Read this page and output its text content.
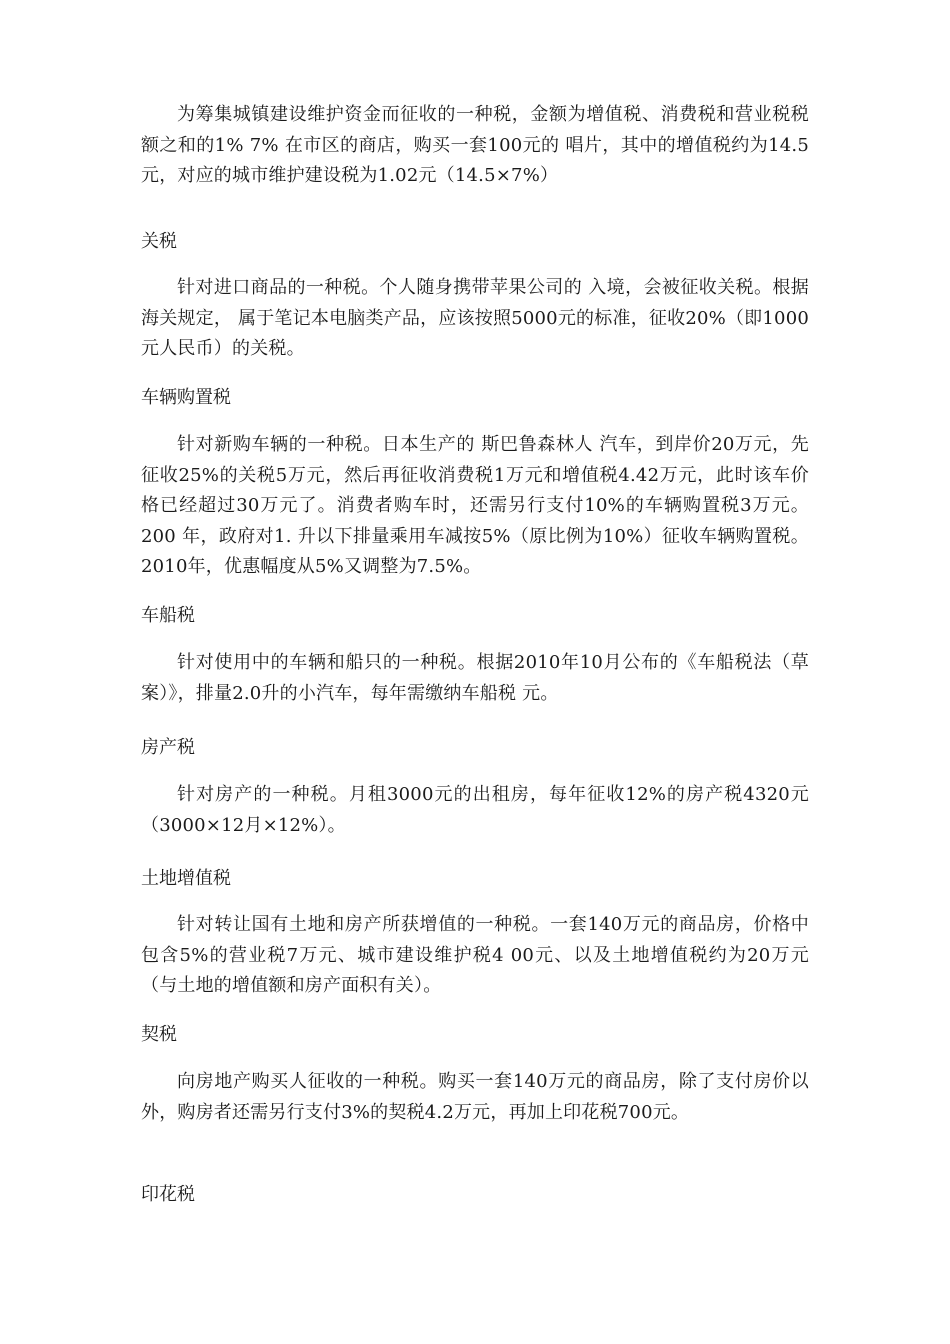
为筹集城镇建设维护资金而征收的一种税，金额为增值税、消费税和营业税税额之和的1% 7% 在市区的商店，购买一套100元的 唱片，其中的增值税约为14.5元，对应的城市维护建设税为1.02元（14.5×7%）

关税

针对进口商品的一种税。个人随身携带苹果公司的 入境，会被征收关税。根据海关规定， 属于笔记本电脑类产品，应该按照5000元的标准，征收20%（即1000元人民币）的关税。

车辆购置税

针对新购车辆的一种税。日本生产的 斯巴鲁森林人 汽车，到岸价20万元，先征收25%的关税5万元，然后再征收消费税1万元和增值税4.42万元，此时该车价格已经超过30万元了。消费者购车时，还需另行支付10%的车辆购置税3万元。200 年，政府对1. 升以下排量乘用车减按5%（原比例为10%）征收车辆购置税。2010年，优惠幅度从5%又调整为7.5%。

车船税

针对使用中的车辆和船只的一种税。根据2010年10月公布的《车船税法（草案）》，排量2.0升的小汽车，每年需缴纳车船税 元。

房产税

针对房产的一种税。月租3000元的出租房，每年征收12%的房产税4320元（3000×12月×12%）。

土地增值税

针对转让国有土地和房产所获增值的一种税。一套140万元的商品房，价格中包含5%的营业税7万元、城市建设维护税4 00元、以及土地增值税约为20万元（与土地的增值额和房产面积有关）。

契税

向房地产购买人征收的一种税。购买一套140万元的商品房，除了支付房价以外，购房者还需另行支付3%的契税4.2万元，再加上印花税700元。

印花税
